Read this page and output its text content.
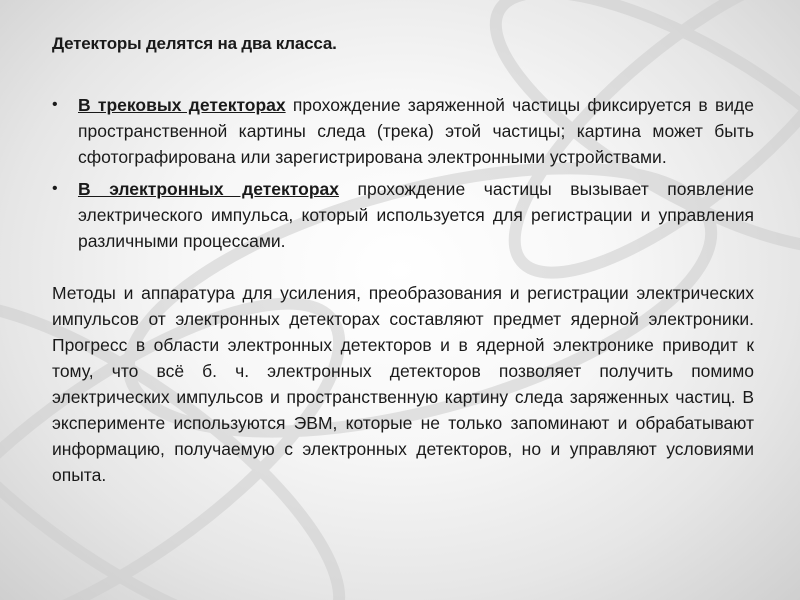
Детекторы делятся на два класса.

• В трековых детекторах прохождение заряженной частицы фиксируется в виде пространственной картины следа (трека) этой частицы; картина может быть сфотографирована или зарегистрирована электронными устройствами.
• В электронных детекторах прохождение частицы вызывает появление электрического импульса, который используется для регистрации и управления различными процессами.

Методы и аппаратура для усиления, преобразования и регистрации электрических импульсов от электронных детекторах составляют предмет ядерной электроники. Прогресс в области электронных детекторов и в ядерной электронике приводит к тому, что всё б. ч. электронных детекторов позволяет получить помимо электрических импульсов и пространственную картину следа заряженных частиц. В эксперименте используются ЭВМ, которые не только запоминают и обрабатывают информацию, получаемую с электронных детекторов, но и управляют условиями опыта.
